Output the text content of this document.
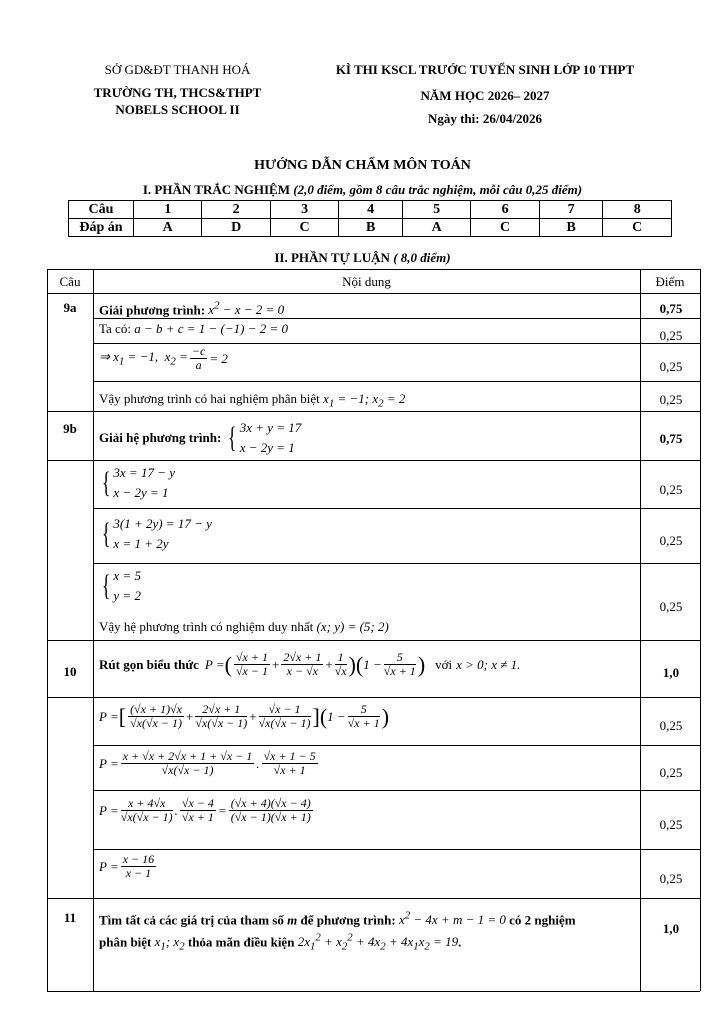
SỞ GD&ĐT THANH HOÁ
TRƯỜNG TH, THCS&THPT
NOBELS SCHOOL II
KÌ THI KSCL TRƯỚC TUYỂN SINH LỚP 10 THPT
NĂM HỌC 2026– 2027
Ngày thi: 26/04/2026
HƯỚNG DẪN CHẤM MÔN TOÁN
I. PHẦN TRẮC NGHIỆM (2,0 điểm, gồm 8 câu trắc nghiệm, mỗi câu 0,25 điểm)
Câu	1	2	3	4	5	6	7	8
Đáp án	A	D	C	B	A	C	B	C
II. PHẦN TỰ LUẬN ( 8,0 điểm)
Câu	Nội dung	Điểm
9a	Giải phương trình: $x^2 - x - 2 = 0$	0,75
Ta có: a − b + c = 1 − (−1) − 2 = 0	0,25
⇒ $x_1 = -1$,  $x_2 = \frac{-c}{a} = 2$
0,25
Vậy phương trình có hai nghiệm phân biệt $x_1 = -1$; $x_2 = 2$	0,25
9b
Giải hệ phương trình: { 3x + y = 17
x − 2y = 1
0,75
{ 3x = 17 − y
x − 2y = 1	0,25
{ 3(1 + 2y) = 17 − y
x = 1 + 2y	0,25
{ x = 5
y = 2
Vậy hệ phương trình có nghiệm duy nhất (x; y) = (5; 2)
0,25
10	Rút gọn biểu thức P = ( $\frac{√x + 1}{√x - 1} + \frac{2√x + 1}{x - √x} + \frac{1}{√x}$ )( $1 - \frac{5}{√x + 1}$ ) với x > 0; x ≠ 1.
1,0
P = [ $\frac{(√x + 1)√x}{√x(√x - 1)} + \frac{2√x + 1}{√x(√x - 1)} + \frac{√x - 1}{√x(√x - 1)}$ ]( $1 - \frac{5}{√x + 1}$ )	0,25
$P = \frac{x + √x + 2√x + 1 + √x - 1}{√x(√x - 1)}$ . $\frac{√x + 1 - 5}{√x + 1}$	0,25
$P = \frac{x + 4√x}{√x(√x - 1)}$ . $\frac{√x - 4}{√x + 1} = \frac{(√x + 4)(√x - 4)}{(√x - 1)(√x + 1)}$
0,25
$P = \frac{x - 16}{x - 1}$	0,25
11	Tìm tất cả các giá trị của tham số m để phương trình: $x^2 - 4x + m - 1 = 0$ có 2 nghiệm
phân biệt $x_1$; $x_2$ thỏa mãn điều kiện $2x_1^2 + x_2^2 + 4x_2 + 4x_1x_2 = 19$.
1,0
